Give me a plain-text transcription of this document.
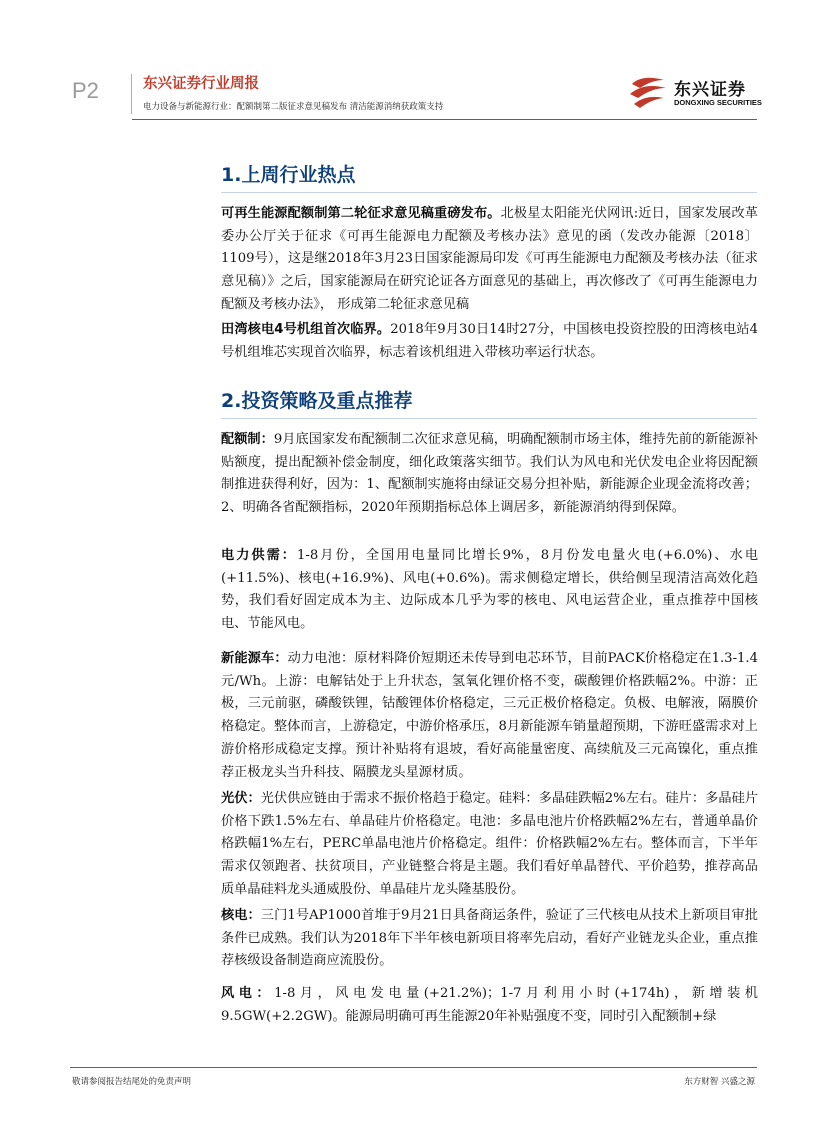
P2	东兴证券行业周报
电力设备与新能源行业：配额制第二版征求意见稿发布 清洁能源消纳获政策支持
东兴证券
DONGXING SECURITIES
1.上周行业热点

可再生能源配额制第二轮征求意见稿重磅发布。北极星太阳能光伏网讯:近日，国家发展改革委办公厅关于征求《可再生能源电力配额及考核办法》意见的函（发改办能源〔2018〕1109号），这是继2018年3月23日国家能源局印发《可再生能源电力配额及考核办法（征求意见稿）》之后，国家能源局在研究论证各方面意见的基础上，再次修改了《可再生能源电力配额及考核办法》， 形成第二轮征求意见稿

田湾核电4号机组首次临界。2018年9月30日14时27分，中国核电投资控股的田湾核电站4号机组堆芯实现首次临界，标志着该机组进入带核功率运行状态。

2.投资策略及重点推荐

配额制：9月底国家发布配额制二次征求意见稿，明确配额制市场主体，维持先前的新能源补贴额度，提出配额补偿金制度，细化政策落实细节。我们认为风电和光伏发电企业将因配额制推进获得利好，因为：1、配额制实施将由绿证交易分担补贴，新能源企业现金流将改善；2、明确各省配额指标，2020年预期指标总体上调居多，新能源消纳得到保障。

电力供需：1-8月份，全国用电量同比增长9%，8月份发电量火电(+6.0%)、水电(+11.5%)、核电(+16.9%)、风电(+0.6%)。需求侧稳定增长，供给侧呈现清洁高效化趋势，我们看好固定成本为主、边际成本几乎为零的核电、风电运营企业，重点推荐中国核电、节能风电。

新能源车：动力电池：原材料降价短期还未传导到电芯环节，目前PACK价格稳定在1.3-1.4元/Wh。上游：电解钴处于上升状态，氢氧化锂价格不变，碳酸锂价格跌幅2%。中游：正极，三元前驱，磷酸铁锂，钴酸锂体价格稳定，三元正极价格稳定。负极、电解液，隔膜价格稳定。整体而言，上游稳定，中游价格承压，8月新能源车销量超预期，下游旺盛需求对上游价格形成稳定支撑。预计补贴将有退坡，看好高能量密度、高续航及三元高镍化，重点推荐正极龙头当升科技、隔膜龙头星源材质。

光伏：光伏供应链由于需求不振价格趋于稳定。硅料：多晶硅跌幅2%左右。硅片：多晶硅片价格下跌1.5%左右、单晶硅片价格稳定。电池：多晶电池片价格跌幅2%左右，普通单晶价格跌幅1%左右，PERC单晶电池片价格稳定。组件：价格跌幅2%左右。整体而言，下半年需求仅领跑者、扶贫项目，产业链整合将是主题。我们看好单晶替代、平价趋势，推荐高品质单晶硅料龙头通威股份、单晶硅片龙头隆基股份。

核电：三门1号AP1000首堆于9月21日具备商运条件，验证了三代核电从技术上新项目审批条件已成熟。我们认为2018年下半年核电新项目将率先启动，看好产业链龙头企业，重点推荐核级设备制造商应流股份。

风电：1-8月，风电发电量(+21.2%)；1-7月利用小时(+174h)，新增装机9.5GW(+2.2GW)。能源局明确可再生能源20年补贴强度不变，同时引入配额制+绿

敬请参阅报告结尾处的免责声明	东方财智 兴盛之源
